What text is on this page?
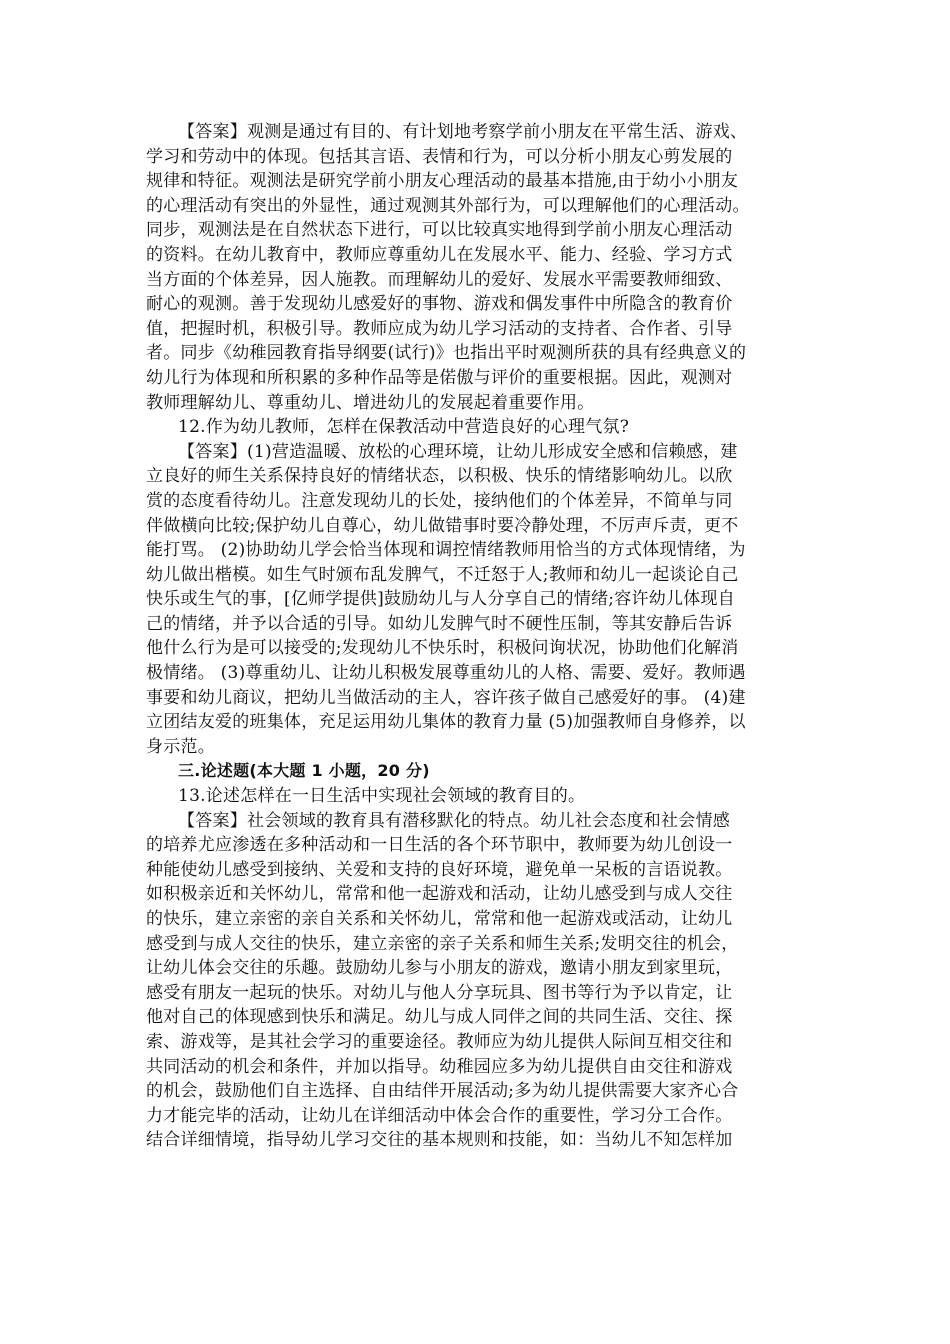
【答案】观测是通过有目的、有计划地考察学前小朋友在平常生活、游戏、
学习和劳动中的体现。包括其言语、表情和行为，可以分析小朋友心剪发展的
规律和特征。观测法是研究学前小朋友心理活动的最基本措施,由于幼小小朋友
的心理活动有突出的外显性，通过观测其外部行为，可以理解他们的心理活动。
同步，观测法是在自然状态下进行，可以比较真实地得到学前小朋友心理活动
的资料。在幼儿教育中，教师应尊重幼儿在发展水平、能力、经验、学习方式
当方面的个体差异，因人施教。而理解幼儿的爱好、发展水平需要教师细致、
耐心的观测。善于发现幼儿感爱好的事物、游戏和偶发事件中所隐含的教育价
值，把握时机，积极引导。教师应成为幼儿学习活动的支持者、合作者、引导
者。同步《幼稚园教育指导纲要(试行)》也指出平时观测所获的具有经典意义的
幼儿行为体现和所积累的多种作品等是偌傲与评价的重要根据。因此，观测对
教师理解幼儿、尊重幼儿、增进幼儿的发展起着重要作用。
12.作为幼儿教师，怎样在保教活动中营造良好的心理气氛?
【答案】(1)营造温暖、放松的心理环境，让幼儿形成安全感和信赖感，建
立良好的师生关系保持良好的情绪状态，以积极、快乐的情绪影响幼儿。以欣
赏的态度看待幼儿。注意发现幼儿的长处，接纳他们的个体差异，不简单与同
伴做横向比较;保护幼儿自尊心，幼儿做错事时要冷静处理，不厉声斥责，更不
能打骂。 (2)协助幼儿学会恰当体现和调控情绪教师用恰当的方式体现情绪，为
幼儿做出楷模。如生气时颁布乱发脾气，不迁怒于人;教师和幼儿一起谈论自己
快乐或生气的事，[亿师学提供]鼓励幼儿与人分享自己的情绪;容许幼儿体现自
己的情绪，并予以合适的引导。如幼儿发脾气时不硬性压制，等其安静后告诉
他什么行为是可以接受的;发现幼儿不快乐时，积极问询状况，协助他们化解消
极情绪。 (3)尊重幼儿、让幼儿积极发展尊重幼儿的人格、需要、爱好。教师遇
事要和幼儿商议，把幼儿当做活动的主人，容许孩子做自己感爱好的事。 (4)建
立团结友爱的班集体，充足运用幼儿集体的教育力量 (5)加强教师自身修养，以
身示范。
三.论述题(本大题 1 小题，20 分)
13.论述怎样在一日生活中实现社会领域的教育目的。
【答案】社会领域的教育具有潜移默化的特点。幼儿社会态度和社会情感
的培养尤应渗透在多种活动和一日生活的各个环节职中，教师要为幼儿创设一
种能使幼儿感受到接纳、关爱和支持的良好环境，避免单一呆板的言语说教。
如积极亲近和关怀幼儿，常常和他一起游戏和活动，让幼儿感受到与成人交往
的快乐，建立亲密的亲自关系和关怀幼儿，常常和他一起游戏或活动，让幼儿
感受到与成人交往的快乐，建立亲密的亲子关系和师生关系;发明交往的机会，
让幼儿体会交往的乐趣。鼓励幼儿参与小朋友的游戏，邀请小朋友到家里玩，
感受有朋友一起玩的快乐。对幼儿与他人分享玩具、图书等行为予以肯定，让
他对自己的体现感到快乐和满足。幼儿与成人同伴之间的共同生活、交往、探
索、游戏等，是其社会学习的重要途径。教师应为幼儿提供人际间互相交往和
共同活动的机会和条件，并加以指导。幼稚园应多为幼儿提供自由交往和游戏
的机会，鼓励他们自主选择、自由结伴开展活动;多为幼儿提供需要大家齐心合
力才能完毕的活动，让幼儿在详细活动中体会合作的重要性，学习分工合作。
结合详细情境，指导幼儿学习交往的基本规则和技能，如：当幼儿不知怎样加
